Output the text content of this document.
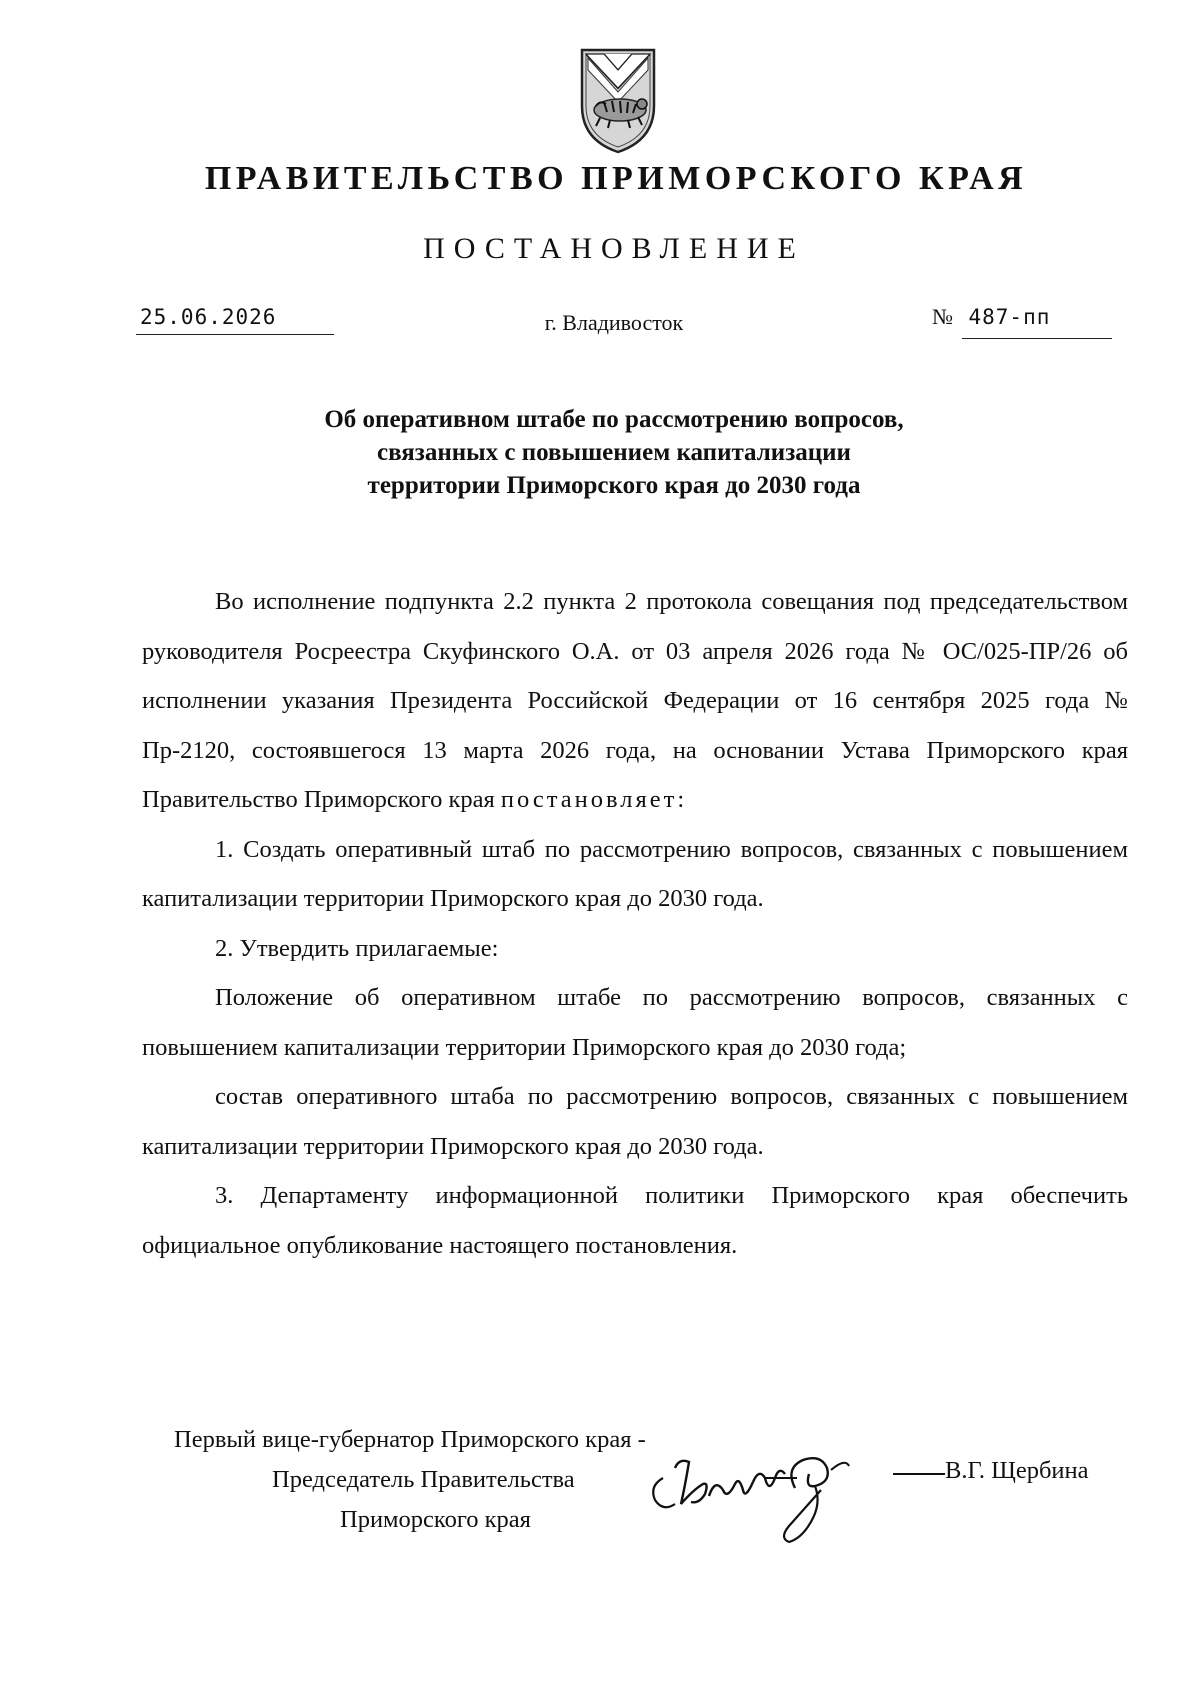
ПРАВИТЕЛЬСТВО ПРИМОРСКОГО КРАЯ
ПОСТАНОВЛЕНИЕ
25.06.2026	г. Владивосток	№ 487-пп
Об оперативном штабе по рассмотрению вопросов,
связанных с повышением капитализации
территории Приморского края до 2030 года

Во исполнение подпункта 2.2 пункта 2 протокола совещания под председательством руководителя Росреестра Скуфинского О.А. от 03 апреля 2026 года № ОС/025-ПР/26 об исполнении указания Президента Российской Федерации от 16 сентября 2025 года № Пр-2120, состоявшегося 13 марта 2026 года, на основании Устава Приморского края Правительство Приморского края постановляет:

1. Создать оперативный штаб по рассмотрению вопросов, связанных с повышением капитализации территории Приморского края до 2030 года.

2. Утвердить прилагаемые:

Положение об оперативном штабе по рассмотрению вопросов, связанных с повышением капитализации территории Приморского края до 2030 года;

состав оперативного штаба по рассмотрению вопросов, связанных с повышением капитализации территории Приморского края до 2030 года.

3. Департаменту информационной политики Приморского края обеспечить официальное опубликование настоящего постановления.

Первый вице-губернатор Приморского края -
Председатель Правительства
Приморского края
В.Г. Щербина
